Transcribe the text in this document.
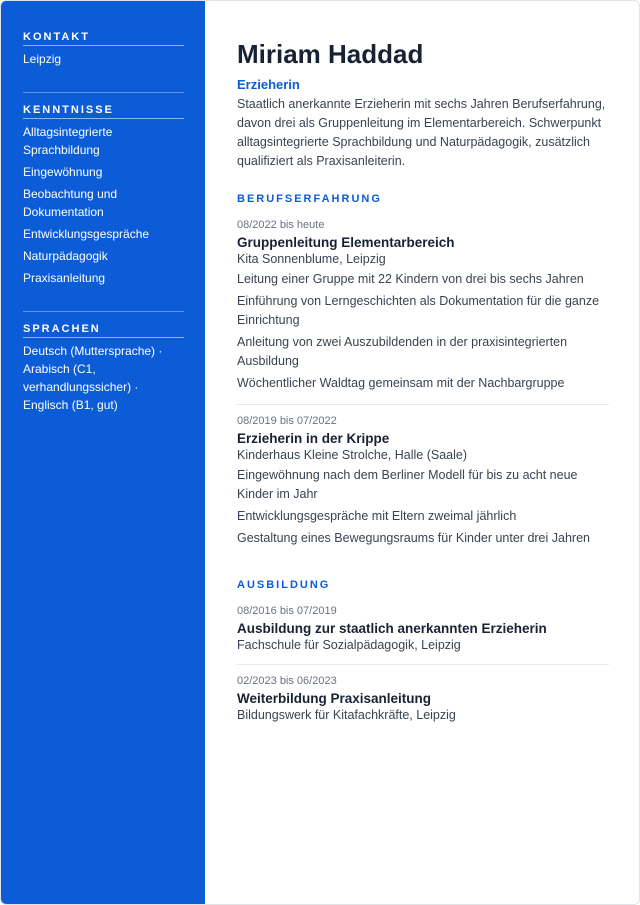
KONTAKT

Leipzig

KENNTNISSE

Alltagsintegrierte Sprachbildung

Eingewöhnung

Beobachtung und Dokumentation

Entwicklungsgespräche

Naturpädagogik

Praxisanleitung

SPRACHEN

Deutsch (Muttersprache) · Arabisch (C1, verhandlungssicher) · Englisch (B1, gut)

Miriam Haddad

Erzieherin

Staatlich anerkannte Erzieherin mit sechs Jahren Berufserfahrung, davon drei als Gruppenleitung im Elementarbereich. Schwerpunkt alltagsintegrierte Sprachbildung und Naturpädagogik, zusätzlich qualifiziert als Praxisanleiterin.

BERUFSERFAHRUNG

08/2022 bis heute

Gruppenleitung Elementarbereich

Kita Sonnenblume, Leipzig

Leitung einer Gruppe mit 22 Kindern von drei bis sechs Jahren

Einführung von Lerngeschichten als Dokumentation für die ganze Einrichtung

Anleitung von zwei Auszubildenden in der praxisintegrierten Ausbildung

Wöchentlicher Waldtag gemeinsam mit der Nachbargruppe

08/2019 bis 07/2022

Erzieherin in der Krippe

Kinderhaus Kleine Strolche, Halle (Saale)

Eingewöhnung nach dem Berliner Modell für bis zu acht neue Kinder im Jahr

Entwicklungsgespräche mit Eltern zweimal jährlich

Gestaltung eines Bewegungsraums für Kinder unter drei Jahren

AUSBILDUNG

08/2016 bis 07/2019

Ausbildung zur staatlich anerkannten Erzieherin

Fachschule für Sozialpädagogik, Leipzig

02/2023 bis 06/2023

Weiterbildung Praxisanleitung

Bildungswerk für Kitafachkräfte, Leipzig
